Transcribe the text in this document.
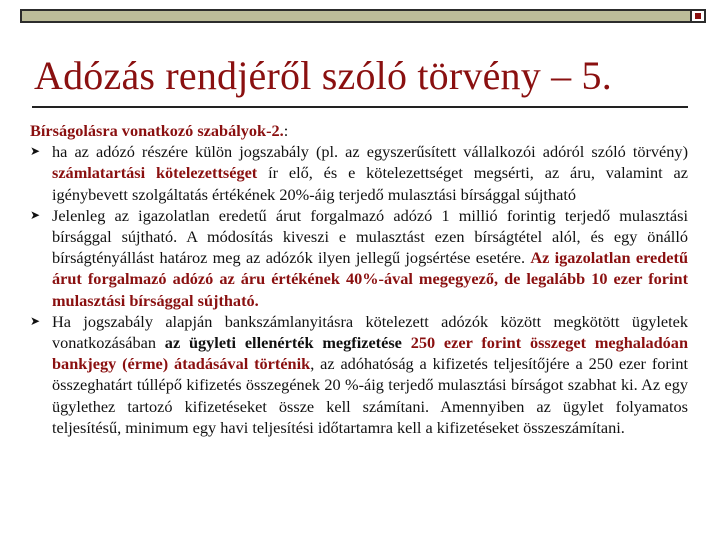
Adózás rendjéről szóló törvény – 5.
Bírságolásra vonatkozó szabályok-2.:
➤ ha az adózó részére külön jogszabály (pl. az egyszerűsített vállalkozói adóról szóló törvény) számlatartási kötelezettséget ír elő, és e kötelezettséget megsérti, az áru, valamint az igénybevett szolgáltatás értékének 20%-áig terjedő mulasztási bírsággal sújtható
➤ Jelenleg az igazolatlan eredetű árut forgalmazó adózó 1 millió forintig terjedő mulasztási bírsággal sújtható. A módosítás kiveszi e mulasztást ezen bírságtétel alól, és egy önálló bírságtényállást határoz meg az adózók ilyen jellegű jogsértése esetére. Az igazolatlan eredetű árut forgalmazó adózó az áru értékének 40%-ával megegyező, de legalább 10 ezer forint mulasztási bírsággal sújtható.
➤ Ha jogszabály alapján bankszámlanyitásra kötelezett adózók között megkötött ügyletek vonatkozásában az ügyleti ellenérték megfizetése 250 ezer forint összeget meghaladóan bankjegy (érme) átadásával történik, az adóhatóság a kifizetés teljesítőjére a 250 ezer forint összeghatárt túllépő kifizetés összegének 20 %-áig terjedő mulasztási bírságot szabhat ki. Az egy ügylethez tartozó kifizetéseket össze kell számítani. Amennyiben az ügylet folyamatos teljesítésű, minimum egy havi teljesítési időtartamra kell a kifizetéseket összeszámítani.
